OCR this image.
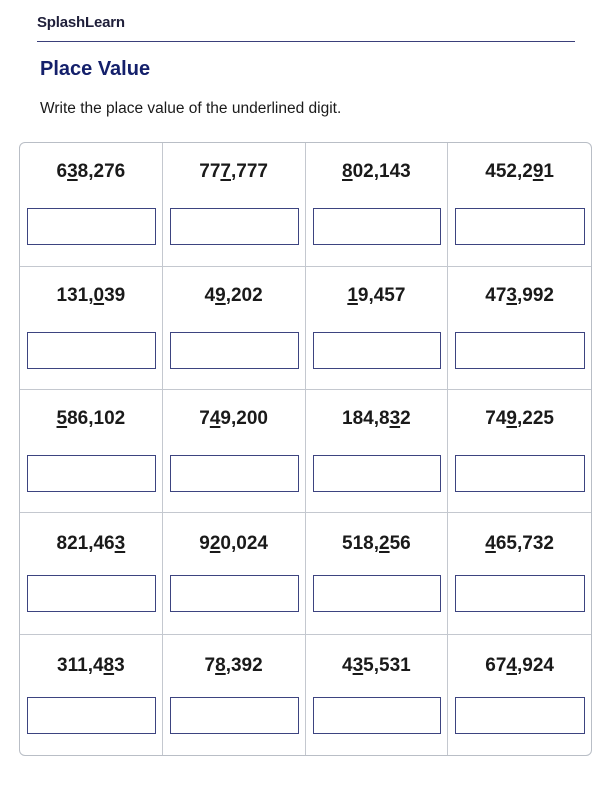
SplashLearn
Place Value
Write the place value of the underlined digit.
638,276	777,777	802,143	452,291
131,039	49,202	19,457	473,992
586,102	749,200	184,832	749,225
821,463	920,024	518,256	465,732
311,483	78,392	435,531	674,924
